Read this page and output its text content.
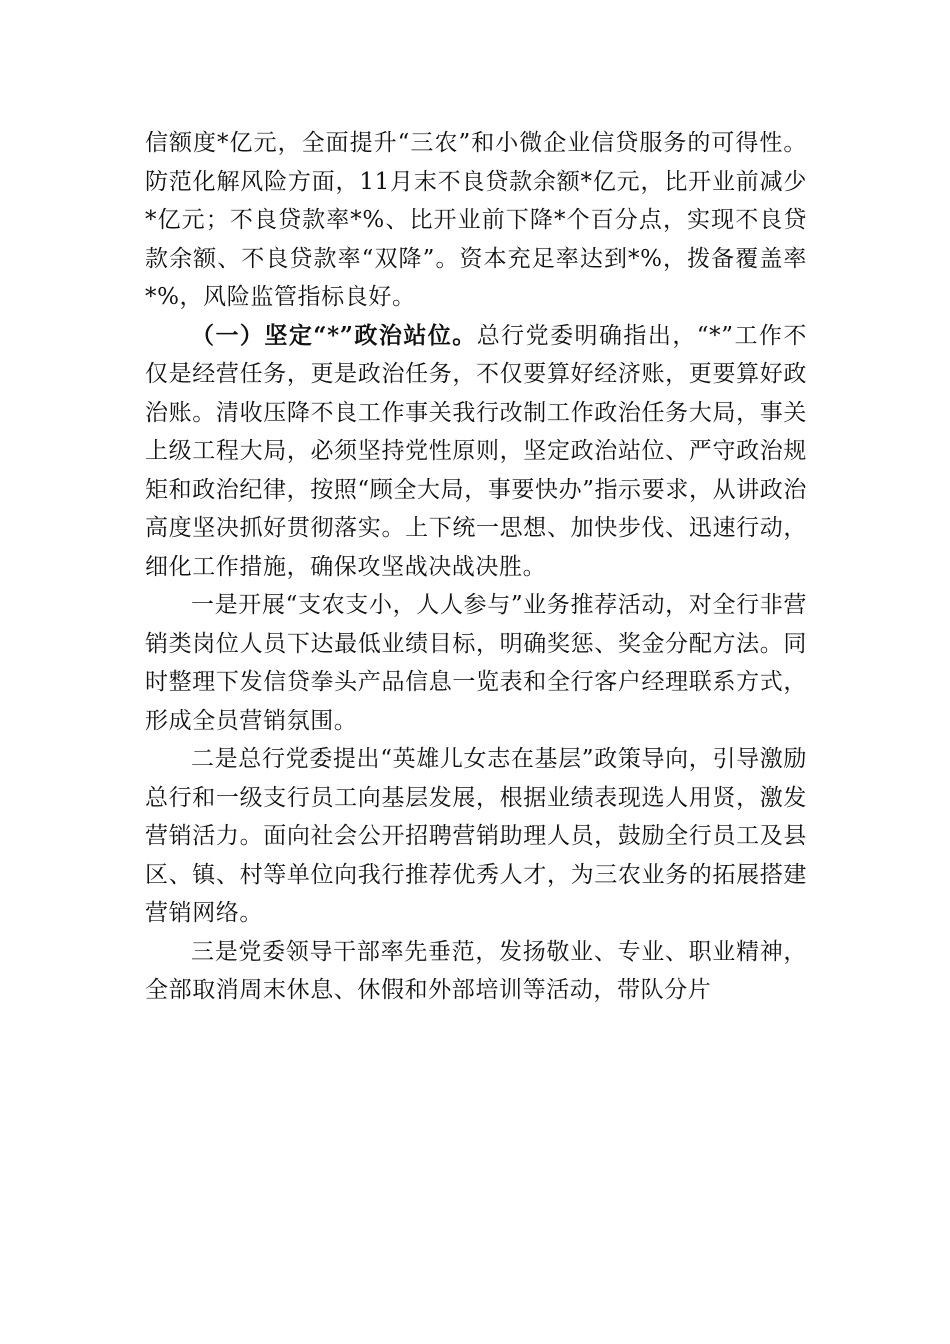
信额度*亿元，全面提升“三农”和小微企业信贷服务的可得性。防范化解风险方面，11月末不良贷款余额*亿元，比开业前减少*亿元；不良贷款率*%、比开业前下降*个百分点，实现不良贷款余额、不良贷款率“双降”。资本充足率达到*%，拨备覆盖率*%，风险监管指标良好。

（一）坚定“*”政治站位。总行党委明确指出，“*”工作不仅是经营任务，更是政治任务，不仅要算好经济账，更要算好政治账。清收压降不良工作事关我行改制工作政治任务大局，事关上级工程大局，必须坚持党性原则，坚定政治站位、严守政治规矩和政治纪律，按照“顾全大局，事要快办”指示要求，从讲政治高度坚决抓好贯彻落实。上下统一思想、加快步伐、迅速行动，细化工作措施，确保攻坚战决战决胜。

一是开展“支农支小，人人参与”业务推荐活动，对全行非营销类岗位人员下达最低业绩目标，明确奖惩、奖金分配方法。同时整理下发信贷拳头产品信息一览表和全行客户经理联系方式，形成全员营销氛围。

二是总行党委提出“英雄儿女志在基层”政策导向，引导激励总行和一级支行员工向基层发展，根据业绩表现选人用贤，激发营销活力。面向社会公开招聘营销助理人员，鼓励全行员工及县区、镇、村等单位向我行推荐优秀人才，为三农业务的拓展搭建营销网络。

三是党委领导干部率先垂范，发扬敬业、专业、职业精神，全部取消周末休息、休假和外部培训等活动，带队分片
